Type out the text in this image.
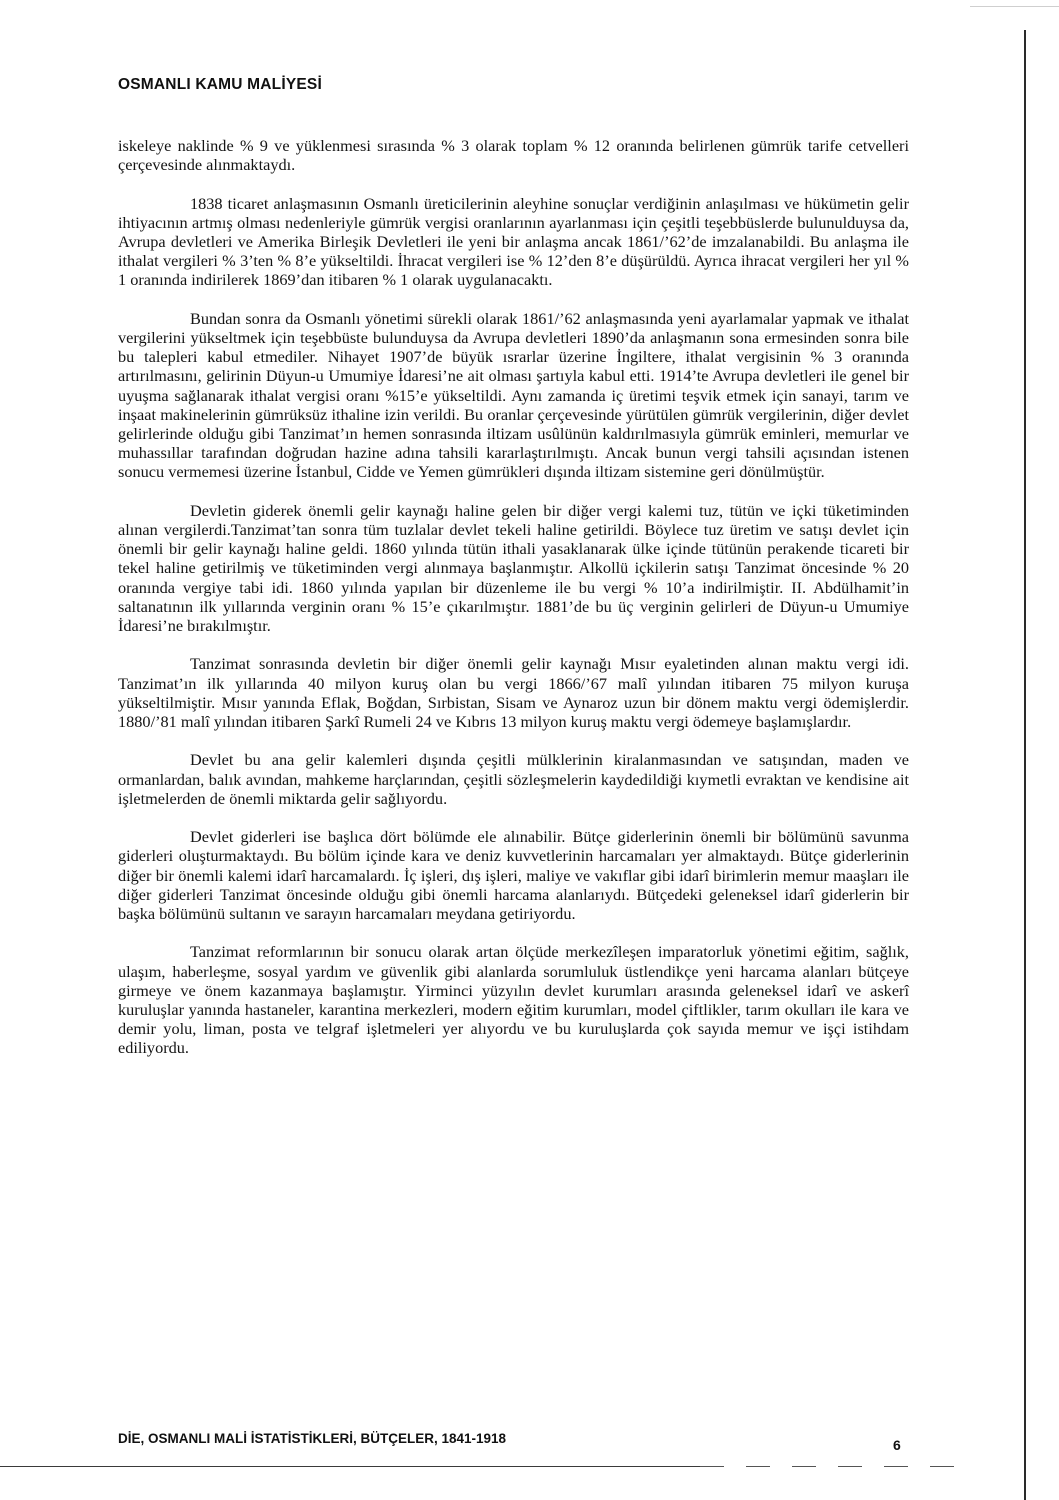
OSMANLI KAMU MALİYESİ

iskeleye naklinde % 9 ve yüklenmesi sırasında % 3 olarak toplam % 12 oranında belirlenen gümrük tarife cetvelleri çerçevesinde alınmaktaydı.

1838 ticaret anlaşmasının Osmanlı üreticilerinin aleyhine sonuçlar verdiğinin anlaşılması ve hükümetin gelir ihtiyacının artmış olması nedenleriyle gümrük vergisi oranlarının ayarlanması için çeşitli teşebbüslerde bulunulduysa da, Avrupa devletleri ve Amerika Birleşik Devletleri ile yeni bir anlaşma ancak 1861/’62’de imzalanabildi. Bu anlaşma ile ithalat vergileri % 3’ten % 8’e yükseltildi. İhracat vergileri ise % 12’den 8’e düşürüldü. Ayrıca ihracat vergileri her yıl % 1 oranında indirilerek 1869’dan itibaren % 1 olarak uygulanacaktı.

Bundan sonra da Osmanlı yönetimi sürekli olarak 1861/’62 anlaşmasında yeni ayarlamalar yapmak ve ithalat vergilerini yükseltmek için teşebbüste bulunduysa da Avrupa devletleri 1890’da anlaşmanın sona ermesinden sonra bile bu talepleri kabul etmediler. Nihayet 1907’de büyük ısrarlar üzerine İngiltere, ithalat vergisinin % 3 oranında artırılmasını, gelirinin Düyun-u Umumiye İdaresi’ne ait olması şartıyla kabul etti. 1914’te Avrupa devletleri ile genel bir uyuşma sağlanarak ithalat vergisi oranı %15’e yükseltildi. Aynı zamanda iç üretimi teşvik etmek için sanayi, tarım ve inşaat makinelerinin gümrüksüz ithaline izin verildi. Bu oranlar çerçevesinde yürütülen gümrük vergilerinin, diğer devlet gelirlerinde olduğu gibi Tanzimat’ın hemen sonrasında iltizam usûlünün kaldırılmasıyla gümrük eminleri, memurlar ve muhassıllar tarafından doğrudan hazine adına tahsili kararlaştırılmıştı. Ancak bunun vergi tahsili açısından istenen sonucu vermemesi üzerine İstanbul, Cidde ve Yemen gümrükleri dışında iltizam sistemine geri dönülmüştür.

Devletin giderek önemli gelir kaynağı haline gelen bir diğer vergi kalemi tuz, tütün ve içki tüketiminden alınan vergilerdi.Tanzimat’tan sonra tüm tuzlalar devlet tekeli haline getirildi. Böylece tuz üretim ve satışı devlet için önemli bir gelir kaynağı haline geldi. 1860 yılında tütün ithali yasaklanarak ülke içinde tütünün perakende ticareti bir tekel haline getirilmiş ve tüketiminden vergi alınmaya başlanmıştır. Alkollü içkilerin satışı Tanzimat öncesinde % 20 oranında vergiye tabi idi. 1860 yılında yapılan bir düzenleme ile bu vergi % 10’a indirilmiştir. II. Abdülhamit’in saltanatının ilk yıllarında verginin oranı % 15’e çıkarılmıştır. 1881’de bu üç verginin gelirleri de Düyun-u Umumiye İdaresi’ne bırakılmıştır.

Tanzimat sonrasında devletin bir diğer önemli gelir kaynağı Mısır eyaletinden alınan maktu vergi idi. Tanzimat’ın ilk yıllarında 40 milyon kuruş olan bu vergi 1866/’67 malî yılından itibaren 75 milyon kuruşa yükseltilmiştir. Mısır yanında Eflak, Boğdan, Sırbistan, Sisam ve Aynaroz uzun bir dönem maktu vergi ödemişlerdir. 1880/’81 malî yılından itibaren Şarkî Rumeli 24 ve Kıbrıs 13 milyon kuruş maktu vergi ödemeye başlamışlardır.

Devlet bu ana gelir kalemleri dışında çeşitli mülklerinin kiralanmasından ve satışından, maden ve ormanlardan, balık avından, mahkeme harçlarından, çeşitli sözleşmelerin kaydedildiği kıymetli evraktan ve kendisine ait işletmelerden de önemli miktarda gelir sağlıyordu.

Devlet giderleri ise başlıca dört bölümde ele alınabilir. Bütçe giderlerinin önemli bir bölümünü savunma giderleri oluşturmaktaydı. Bu bölüm içinde kara ve deniz kuvvetlerinin harcamaları yer almaktaydı. Bütçe giderlerinin diğer bir önemli kalemi idarî harcamalardı. İç işleri, dış işleri, maliye ve vakıflar gibi idarî birimlerin memur maaşları ile diğer giderleri Tanzimat öncesinde olduğu gibi önemli harcama alanlarıydı. Bütçedeki geleneksel idarî giderlerin bir başka bölümünü sultanın ve sarayın harcamaları meydana getiriyordu.

Tanzimat reformlarının bir sonucu olarak artan ölçüde merkezîleşen imparatorluk yönetimi eğitim, sağlık, ulaşım, haberleşme, sosyal yardım ve güvenlik gibi alanlarda sorumluluk üstlendikçe yeni harcama alanları bütçeye girmeye ve önem kazanmaya başlamıştır. Yirminci yüzyılın devlet kurumları arasında geleneksel idarî ve askerî kuruluşlar yanında hastaneler, karantina merkezleri, modern eğitim kurumları, model çiftlikler, tarım okulları ile kara ve demir yolu, liman, posta ve telgraf işletmeleri yer alıyordu ve bu kuruluşlarda çok sayıda memur ve işçi istihdam ediliyordu.

DİE, OSMANLI MALİ İSTATİSTİKLERİ, BÜTÇELER, 1841-1918	6
